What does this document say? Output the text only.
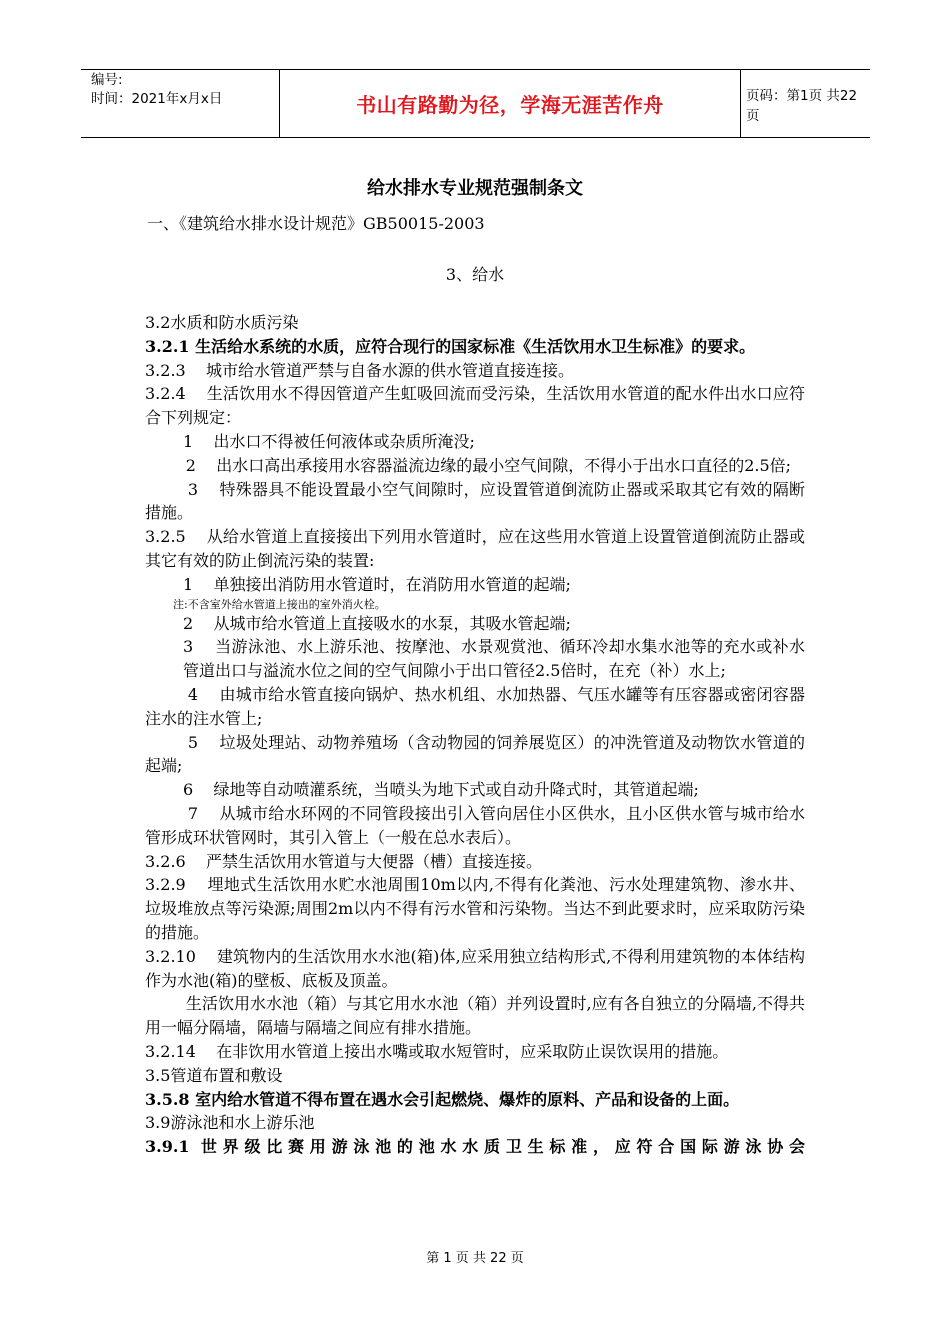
编号:
时间：2021年x月x日	书山有路勤为径，学海无涯苦作舟	页码：第1页 共22页
给水排水专业规范强制条文
一、《建筑给水排水设计规范》GB50015-2003
3、给水

3.2水质和防水质污染

3.2.1 生活给水系统的水质，应符合现行的国家标准《生活饮用水卫生标准》的要求。

3.2.3    城市给水管道严禁与自备水源的供水管道直接连接。

3.2.4    生活饮用水不得因管道产生虹吸回流而受污染，生活饮用水管道的配水件出水口应符合下列规定：

1    出水口不得被任何液体或杂质所淹没;

2    出水口高出承接用水容器溢流边缘的最小空气间隙，不得小于出水口直径的2.5倍;

3    特殊器具不能设置最小空气间隙时，应设置管道倒流防止器或采取其它有效的隔断措施。

3.2.5    从给水管道上直接接出下列用水管道时，应在这些用水管道上设置管道倒流防止器或其它有效的防止倒流污染的装置:

1    单独接出消防用水管道时，在消防用水管道的起端;

注:不含室外给水管道上接出的室外消火栓。

2    从城市给水管道上直接吸水的水泵，其吸水管起端;

3    当游泳池、水上游乐池、按摩池、水景观赏池、循环冷却水集水池等的充水或补水管道出口与溢流水位之间的空气间隙小于出口管径2.5倍时，在充（补）水上;

4    由城市给水管直接向锅炉、热水机组、水加热器、气压水罐等有压容器或密闭容器注水的注水管上;

5    垃圾处理站、动物养殖场（含动物园的饲养展览区）的冲洗管道及动物饮水管道的起端;

6    绿地等自动喷灌系统，当喷头为地下式或自动升降式时，其管道起端;

7    从城市给水环网的不同管段接出引入管向居住小区供水，且小区供水管与城市给水管形成环状管网时，其引入管上（一般在总水表后）。

3.2.6    严禁生活饮用水管道与大便器（槽）直接连接。

3.2.9    埋地式生活饮用水贮水池周围10m以内,不得有化粪池、污水处理建筑物、渗水井、垃圾堆放点等污染源;周围2m以内不得有污水管和污染物。当达不到此要求时，应采取防污染的措施。

3.2.10    建筑物内的生活饮用水水池(箱)体,应采用独立结构形式,不得利用建筑物的本体结构作为水池(箱)的壁板、底板及顶盖。

生活饮用水水池（箱）与其它用水水池（箱）并列设置时,应有各自独立的分隔墙,不得共用一幅分隔墙，隔墙与隔墙之间应有排水措施。

3.2.14    在非饮用水管道上接出水嘴或取水短管时，应采取防止误饮误用的措施。

3.5管道布置和敷设

3.5.8 室内给水管道不得布置在遇水会引起燃烧、爆炸的原料、产品和设备的上面。

3.9游泳池和水上游乐池

3.9.1 世界级比赛用游泳池的池水水质卫生标准，应符合国际游泳协会

第 1 页 共 22 页
